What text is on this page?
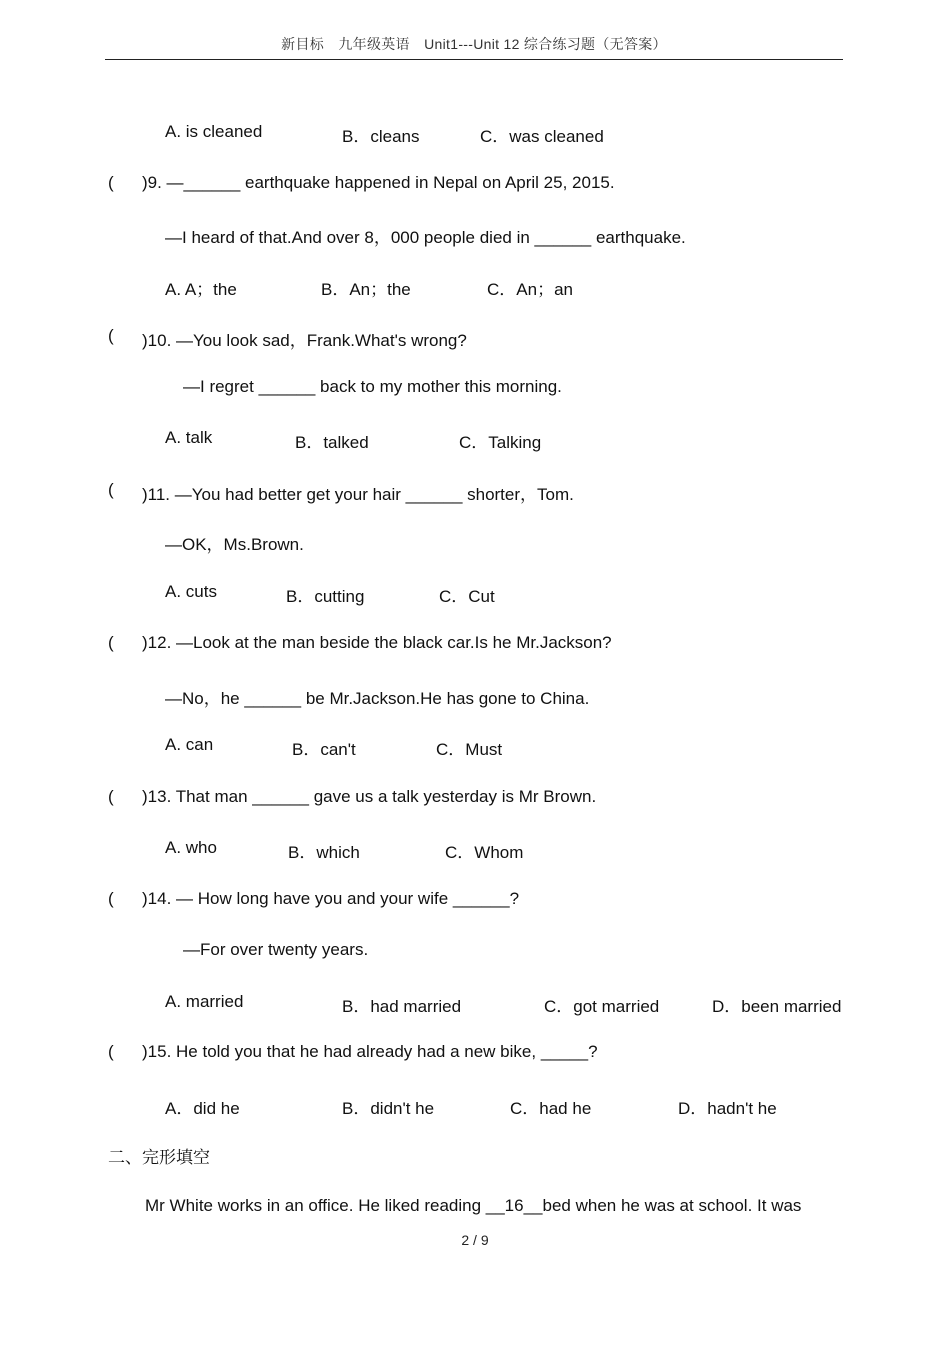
新目标　九年级英语　Unit1---Unit 12 综合练习题（无答案）
A. is cleaned	B．cleans	C．was cleaned
( )9. —______ earthquake happened in Nepal on April 25, 2015.
—I heard of that.And over 8，000 people died in ______ earthquake.
A. A；the	B．An；the	C．An；an
( )10. —You look sad，Frank.What's wrong?
—I regret ______ back to my mother this morning.
A. talk	B．talked	C．Talking
( )11. —You had better get your hair ______ shorter，Tom.
—OK，Ms.Brown.
A. cuts	B．cutting	C．Cut
( )12. —Look at the man beside the black car.Is he Mr.Jackson?
—No，he ______ be Mr.Jackson.He has gone to China.
A. can	B．can't	C．Must
( )13. That man ______ gave us a talk yesterday is Mr Brown.
A. who	B．which	C．Whom
( )14. — How long have you and your wife ______?
—For over twenty years.
A. married	B．had married	C．got married	D．been married
( )15. He told you that he had already had a new bike, _____?
A．did he	B．didn't he	C．had he	D．hadn't he
二、完形填空
Mr White works in an office. He liked reading __16__bed when he was at school. It was
2 / 9
